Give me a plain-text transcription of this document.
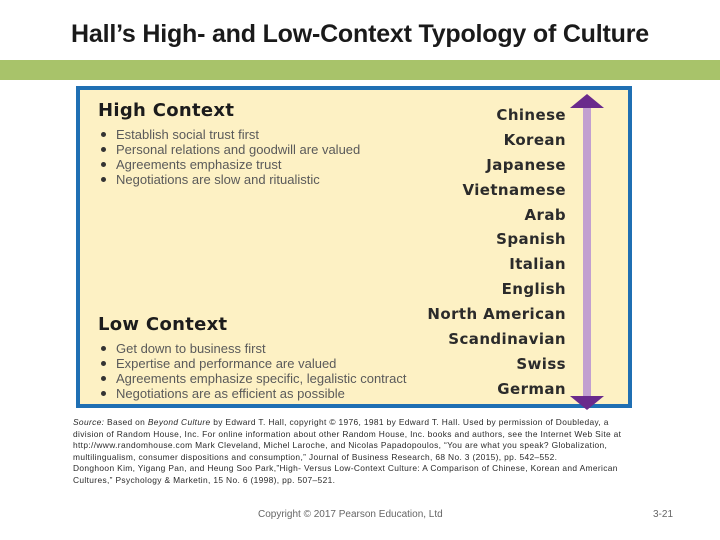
Hall’s High- and Low-Context Typology of Culture
High Context
Establish social trust first
Personal relations and goodwill are valued
Agreements emphasize trust
Negotiations are slow and ritualistic
Low Context
Get down to business first
Expertise and performance are valued
Agreements emphasize specific, legalistic contract
Negotiations are as efficient as possible
Chinese
Korean
Japanese
Vietnamese
Arab
Spanish
Italian
English
North American
Scandinavian
Swiss
German
Source: Based on Beyond Culture by Edward T. Hall, copyright © 1976, 1981 by Edward T. Hall. Used by permission of Doubleday, a division of Random House, Inc. For online information about other Random House, Inc. books and authors, see the Internet Web Site at http://www.randomhouse.com Mark Cleveland, Michel Laroche, and Nicolas Papadopoulos, “You are what you speak? Globalization, multilingualism, consumer dispositions and consumption,” Journal of Business Research, 68 No. 3 (2015), pp. 542–552.
Donghoon Kim, Yigang Pan, and Heung Soo Park,”High- Versus Low-Context Culture: A Comparison of Chinese, Korean and American Cultures,” Psychology & Marketin, 15 No. 6 (1998), pp. 507–521.
Copyright © 2017 Pearson Education, Ltd	3-21
